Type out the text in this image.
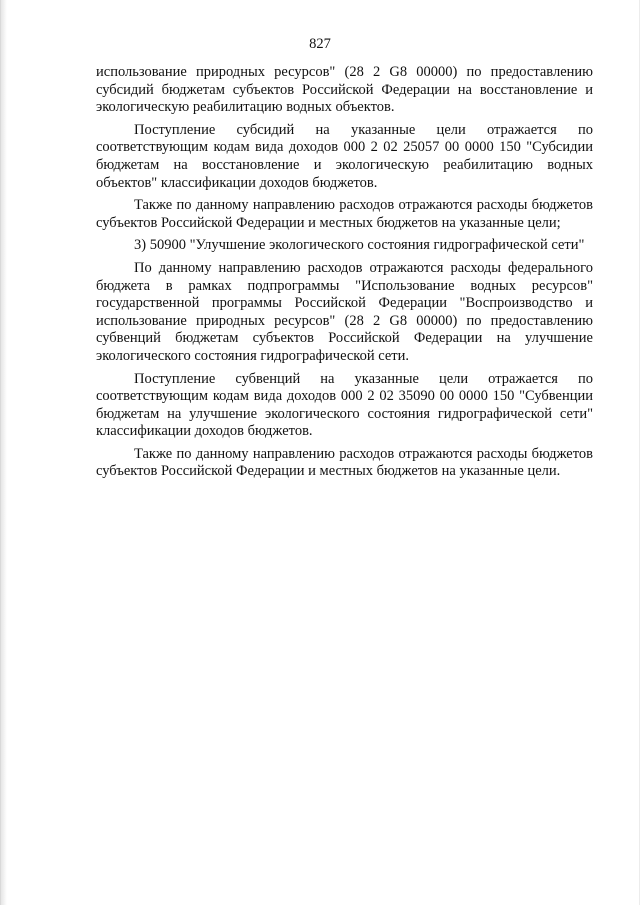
827

использование природных ресурсов" (28 2 G8 00000) по предоставлению субсидий бюджетам субъектов Российской Федерации на восстановление и экологическую реабилитацию водных объектов.

Поступление субсидий на указанные цели отражается по соответствующим кодам вида доходов 000 2 02 25057 00 0000 150 "Субсидии бюджетам на восстановление и экологическую реабилитацию водных объектов" классификации доходов бюджетов.

Также по данному направлению расходов отражаются расходы бюджетов субъектов Российской Федерации и местных бюджетов на указанные цели;

3) 50900 "Улучшение экологического состояния гидрографической сети"

По данному направлению расходов отражаются расходы федерального бюджета в рамках подпрограммы "Использование водных ресурсов" государственной программы Российской Федерации "Воспроизводство и использование природных ресурсов" (28 2 G8 00000) по предоставлению субвенций бюджетам субъектов Российской Федерации на улучшение экологического состояния гидрографической сети.

Поступление субвенций на указанные цели отражается по соответствующим кодам вида доходов 000 2 02 35090 00 0000 150 "Субвенции бюджетам на улучшение экологического состояния гидрографической сети" классификации доходов бюджетов.

Также по данному направлению расходов отражаются расходы бюджетов субъектов Российской Федерации и местных бюджетов на указанные цели.
